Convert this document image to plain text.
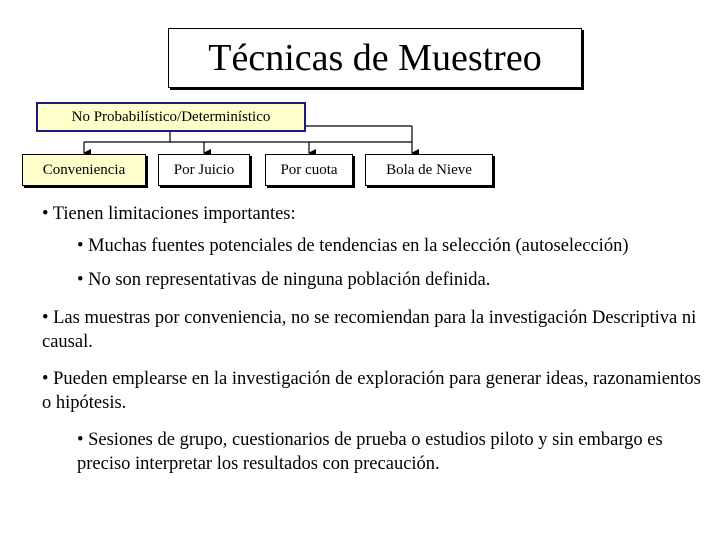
Técnicas de Muestreo
No Probabilístico/Determinístico
Conveniencia	Por Juicio	Por cuota	Bola de Nieve
• Tienen limitaciones importantes:
• Muchas fuentes potenciales de tendencias en la selección (autoselección)
• No son representativas de ninguna población definida.
• Las muestras por conveniencia, no se recomiendan para la investigación Descriptiva ni causal.
• Pueden emplearse en la investigación de exploración para generar ideas, razonamientos o hipótesis.
• Sesiones de grupo, cuestionarios de prueba o estudios piloto y sin embargo es preciso interpretar los resultados con precaución.
